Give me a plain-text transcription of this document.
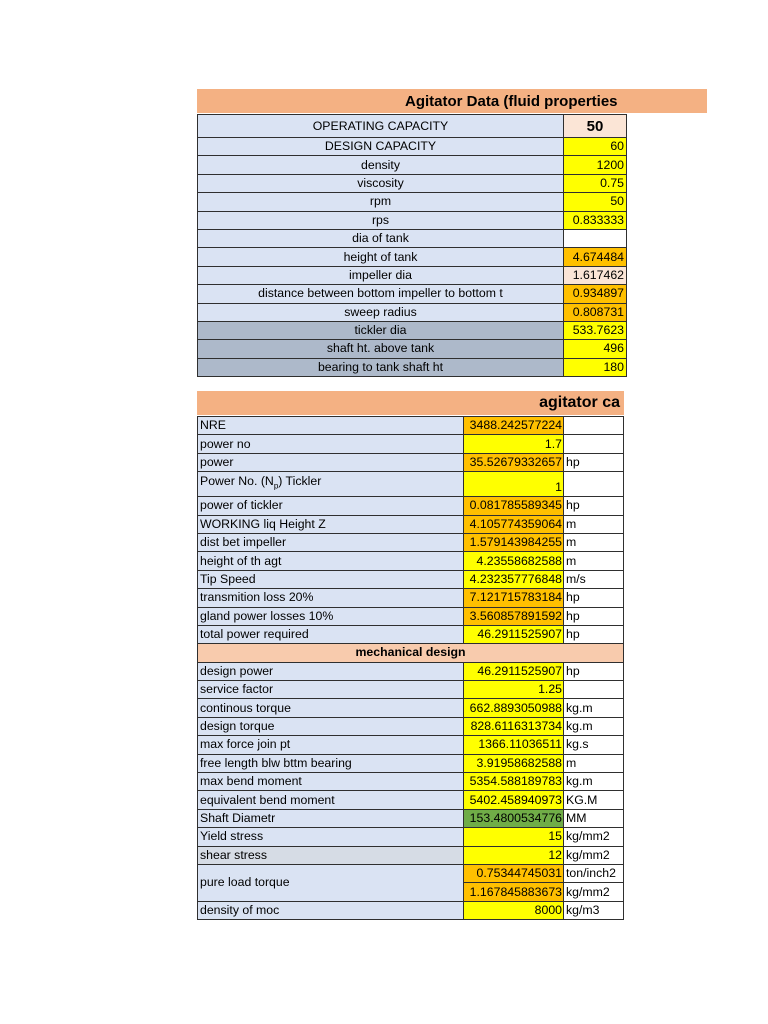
Agitator Data (fluid properties
OPERATING CAPACITY	50
DESIGN CAPACITY	60
density	1200
viscosity	0.75
rpm	50
rps	0.833333
dia of tank	
height of tank	4.674484
impeller dia	1.617462
distance between bottom impeller to bottom t	0.934897
sweep radius	0.808731
tickler dia	533.7623
shaft ht. above tank	496
bearing to tank shaft ht	180
agitator ca
NRE	3488.242577224	
power no	1.7	
power	35.52679332657	hp
Power No. $(N_p)$ Tickler	1	
power of tickler	0.081785589345	hp
WORKING liq Height Z	4.105774359064	m
dist bet impeller	1.579143984255	m
height of th agt	4.23558682588	m
Tip Speed	4.232357776848	m/s
transmition loss 20%	7.121715783184	hp
gland power losses 10%	3.560857891592	hp
total power required	46.2911525907	hp
mechanical design		
design power	46.2911525907	hp
service factor	1.25	
continous torque	662.8893050988	kg.m
design torque	828.6116313734	kg.m
max force join pt	1366.11036511	kg.s
free length blw bttm bearing	3.91958682588	m
max bend moment	5354.588189783	kg.m
equivalent bend moment	5402.458940973	KG.M
Shaft Diametr	153.4800534776	MM
Yield stress	15	kg/mm2
shear stress	12	kg/mm2
pure load torque	0.75344745031	ton/inch2
	1.167845883673	kg/mm2
density of moc	8000	kg/m3
